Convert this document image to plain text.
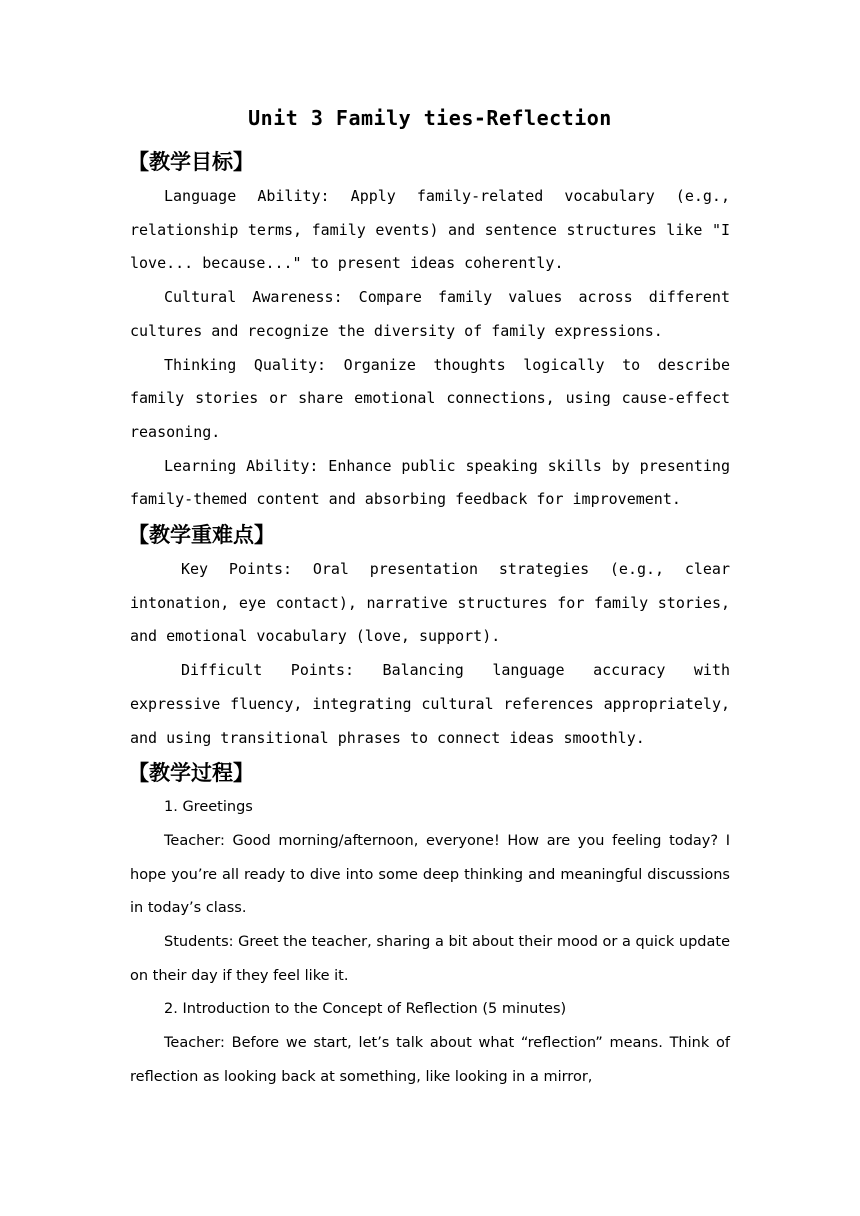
Unit 3 Family ties-Reflection
【教学目标】

Language Ability: Apply family-related vocabulary (e.g., relationship terms, family events) and sentence structures like "I love... because..." to present ideas coherently.

Cultural Awareness: Compare family values across different cultures and recognize the diversity of family expressions.

Thinking Quality: Organize thoughts logically to describe family stories or share emotional connections, using cause-effect reasoning.

Learning Ability: Enhance public speaking skills by presenting family-themed content and absorbing feedback for improvement.

【教学重难点】

Key Points: Oral presentation strategies (e.g., clear intonation, eye contact), narrative structures for family stories, and emotional vocabulary (love, support).

Difficult Points: Balancing language accuracy with expressive fluency, integrating cultural references appropriately, and using transitional phrases to connect ideas smoothly.

【教学过程】

1. Greetings

Teacher: Good morning/afternoon, everyone! How are you feeling today? I hope you’re all ready to dive into some deep thinking and meaningful discussions in today’s class.

Students: Greet the teacher, sharing a bit about their mood or a quick update on their day if they feel like it.

2. Introduction to the Concept of Reflection (5 minutes)

Teacher: Before we start, let’s talk about what “reflection” means. Think of reflection as looking back at something, like looking in a mirror,
